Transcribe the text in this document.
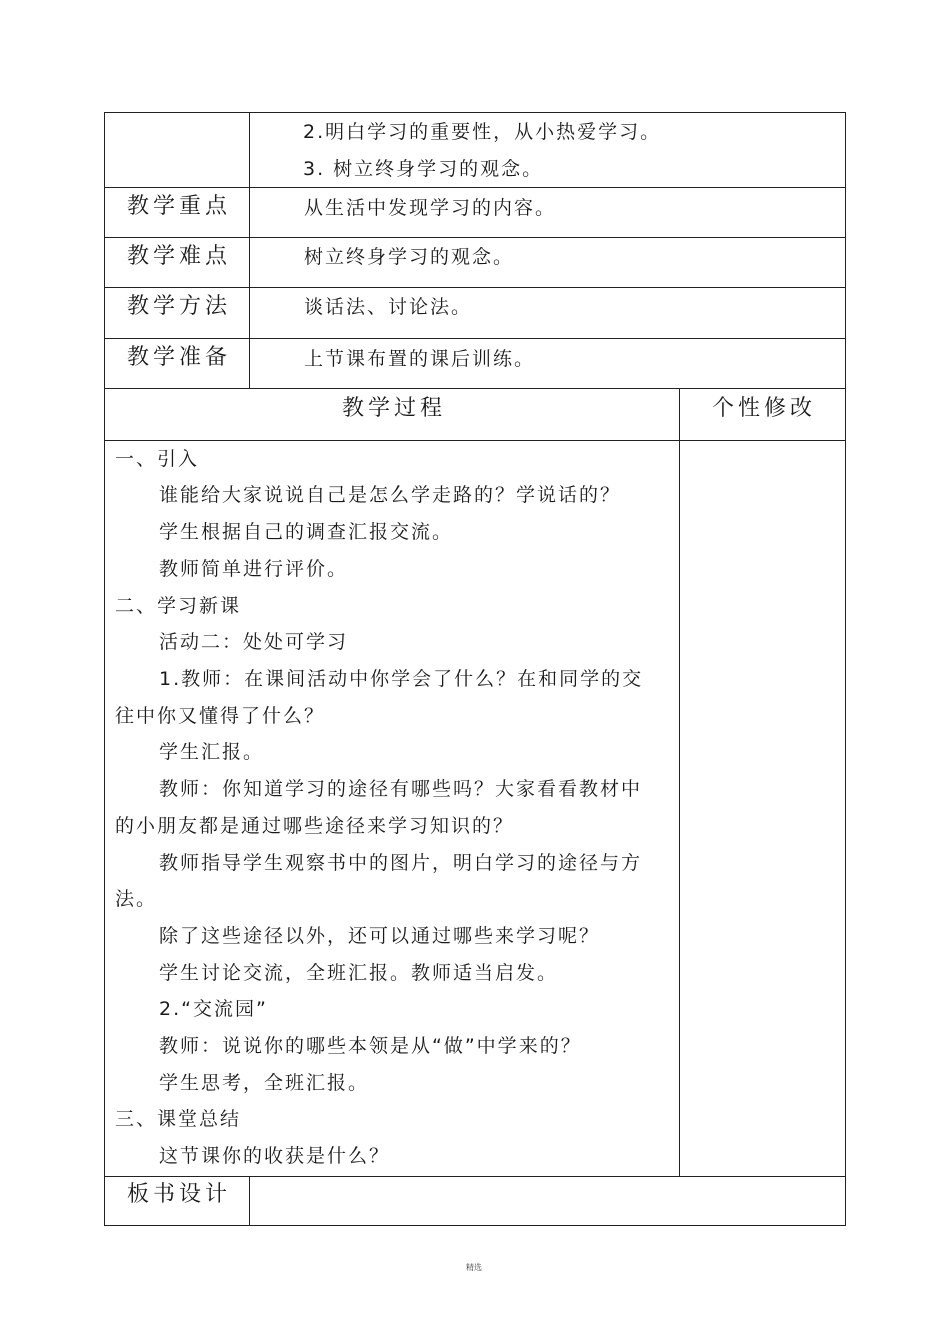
2.明白学习的重要性，从小热爱学习。
3. 树立终身学习的观念。
教学重点	从生活中发现学习的内容。
教学难点	树立终身学习的观念。
教学方法	谈话法、讨论法。
教学准备	上节课布置的课后训练。
教学过程	个性修改
一、引入
谁能给大家说说自己是怎么学走路的？学说话的？
学生根据自己的调查汇报交流。
教师简单进行评价。
二、学习新课
活动二：处处可学习
1.教师：在课间活动中你学会了什么？在和同学的交
往中你又懂得了什么？
学生汇报。
教师：你知道学习的途径有哪些吗？大家看看教材中
的小朋友都是通过哪些途径来学习知识的？
教师指导学生观察书中的图片，明白学习的途径与方
法。
除了这些途径以外，还可以通过哪些来学习呢？
学生讨论交流，全班汇报。教师适当启发。
2.“交流园”
教师：说说你的哪些本领是从“做”中学来的？
学生思考，全班汇报。
三、课堂总结
这节课你的收获是什么？
板书设计
精选
